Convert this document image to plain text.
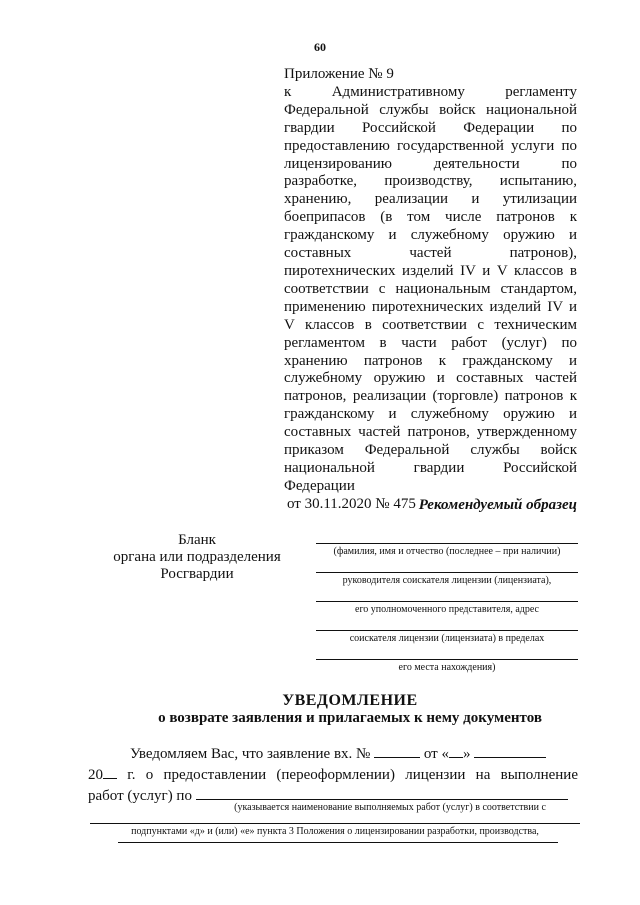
60

Приложение № 9

к Административному регламенту Федеральной службы войск национальной гвардии Российской Федерации по предоставлению государственной услуги по лицензированию деятельности по разработке, производству, испытанию, хранению, реализации и утилизации боеприпасов (в том числе патронов к гражданскому и служебному оружию и составных частей патронов), пиротехнических изделий IV и V классов в соответствии с национальным стандартом, применению пиротехнических изделий IV и V классов в соответствии с техническим регламентом в части работ (услуг) по хранению патронов к гражданскому и служебному оружию и составных частей патронов, реализации (торговле) патронов к гражданскому и служебному оружию и составных частей патронов, утвержденному приказом Федеральной службы войск национальной гвардии Российской Федерации

от 30.11.2020 № 475 Рекомендуемый образец
Бланк
органа или подразделения
Росгвардии
(фамилия, имя и отчество (последнее – при наличии)
руководителя соискателя лицензии (лицензиата),
его уполномоченного представителя, адрес
соискателя лицензии (лицензиата) в пределах
его места нахождения)
УВЕДОМЛЕНИЕ
о возврате заявления и прилагаемых к нему документов
Уведомляем Вас, что заявление вх. №	от « »
20 г. о предоставлении (переоформлении) лицензии на выполнение
работ (услуг) по
(указывается наименование выполняемых работ (услуг) в соответствии с
подпунктами «д» и (или) «е» пункта 3 Положения о лицензировании разработки, производства,
